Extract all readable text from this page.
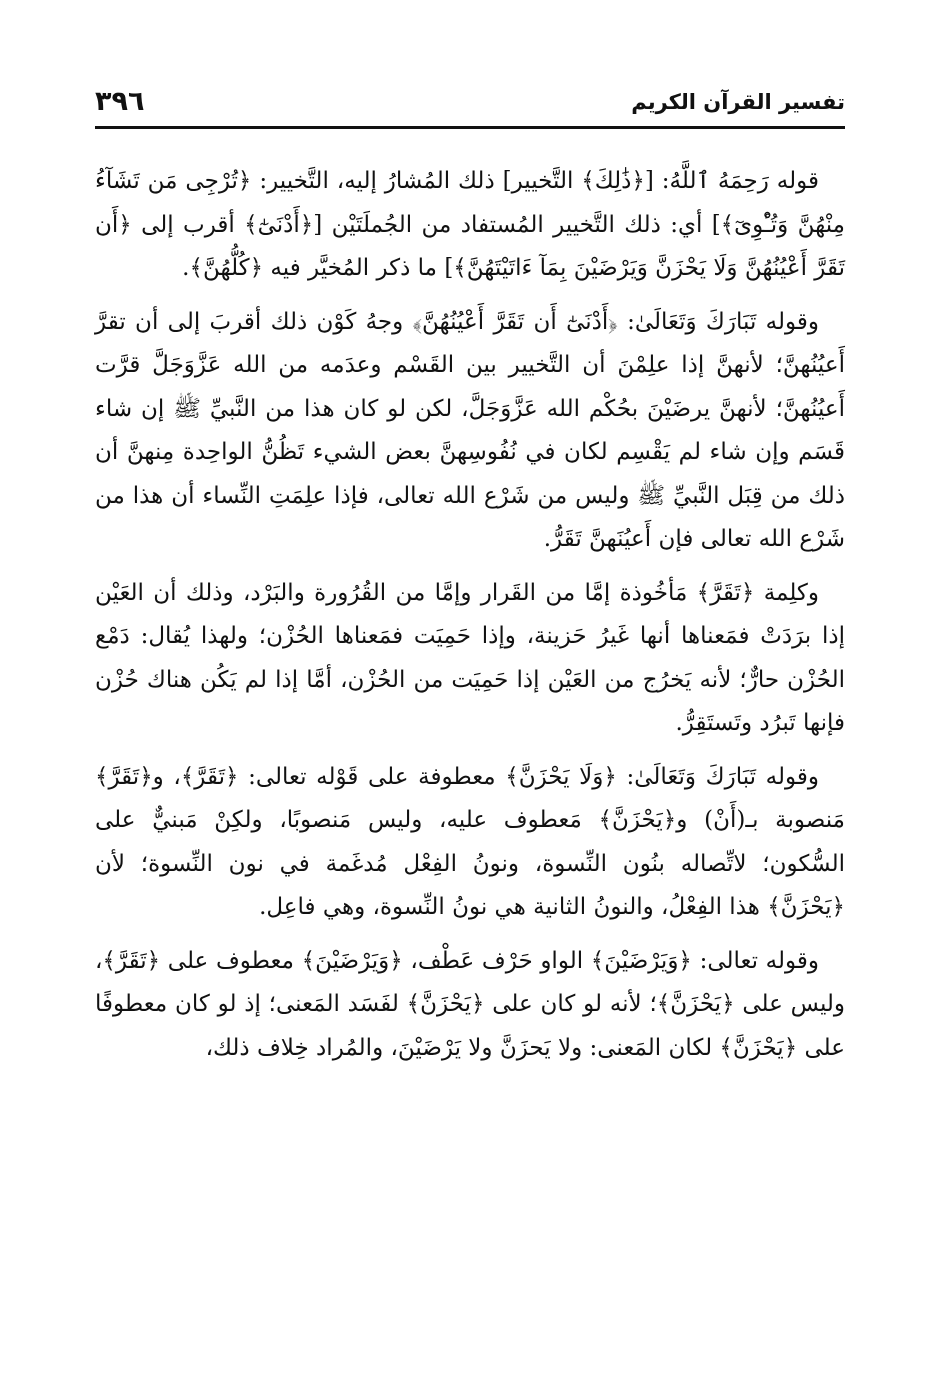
تفسير القرآن الكريم
٣٩٦

قوله رَحِمَهُ ٱللَّهُ: [﴿ذَٰلِكَ﴾ التَّخيير] ذلك المُشارُ إليه، التَّخيير: ﴿تُرْجِى مَن تَشَآءُ مِنْهُنَّ وَتُـْٔوِىٓ﴾] أي: ذلك التَّخيير المُستفاد من الجُملَتَيْن [﴿أَدْنَىٰٓ﴾ أقرب إلى ﴿أَن تَقَرَّ أَعْيُنُهُنَّ وَلَا يَحْزَنَّ وَيَرْضَيْنَ بِمَآ ءَاتَيْتَهُنَّ﴾] ما ذكر المُخيَّر فيه ﴿كُلُّهُنَّ﴾.

وقوله تَبَارَكَ وَتَعَالَىٰ: ﴿أَدْنَىٰٓ أَن تَقَرَّ أَعْيُنُهُنَّ﴾ وجهُ كَوْن ذلك أقربَ إلى أن تقرَّ أَعيُنُهنَّ؛ لأنهنَّ إذا علِمْنَ أن التَّخيير بين القَسْم وعدَمه من الله عَزَّوَجَلَّ قرَّت أَعيُنُهنَّ؛ لأنهنَّ يرضَيْنَ بحُكْم الله عَزَّوَجَلَّ، لكن لو كان هذا من النَّبيِّ ﷺ إن شاء قَسَم وإن شاء لم يَقْسِم لكان في نُفُوسِهنَّ بعض الشيء تَظُنُّ الواحِدة مِنهنَّ أن ذلك من قِبَل النَّبيِّ ﷺ وليس من شَرْع الله تعالى، فإذا علِمَتِ النِّساء أن هذا من شَرْع الله تعالى فإن أَعيُنَهنَّ تَقَرُّ.

وكلِمة ﴿تَقَرَّ﴾ مَأخُوذة إمَّا من القَرار وإمَّا من القُرُورة والبَرْد، وذلك أن العَيْن إذا برَدَتْ فمَعناها أنها غَيرُ حَزينة، وإذا حَمِيَت فمَعناها الحُزْن؛ ولهذا يُقال: دَمْع الحُزْن حارٌّ؛ لأنه يَخرُج من العَيْن إذا حَمِيَت من الحُزْن، أمَّا إذا لم يَكُن هناك حُزْن فإنها تَبرُد وتَستَقِرُّ.

وقوله تَبَارَكَ وَتَعَالَىٰ: ﴿وَلَا يَحْزَنَّ﴾ معطوفة على قَوْله تعالى: ﴿تَقَرَّ﴾، و﴿تَقَرَّ﴾ مَنصوبة بـ(أَنْ) و﴿يَحْزَنَّ﴾ مَعطوف عليه، وليس مَنصوبًا، ولكِنْ مَبنيٌّ على السُّكون؛ لاتِّصاله بنُون النِّسوة، ونونُ الفِعْل مُدغَمة في نون النِّسوة؛ لأن ﴿يَحْزَنَّ﴾ هذا الفِعْلُ، والنونُ الثانية هي نونُ النِّسوة، وهي فاعِل.

وقوله تعالى: ﴿وَيَرْضَيْنَ﴾ الواو حَرْف عَطْف، ﴿وَيَرْضَيْنَ﴾ معطوف على ﴿تَقَرَّ﴾، وليس على ﴿يَحْزَنَّ﴾؛ لأنه لو كان على ﴿يَحْزَنَّ﴾ لفَسَد المَعنى؛ إذ لو كان معطوفًا على ﴿يَحْزَنَّ﴾ لكان المَعنى: ولا يَحزَنَّ ولا يَرْضَيْنَ، والمُراد خِلاف ذلك،
